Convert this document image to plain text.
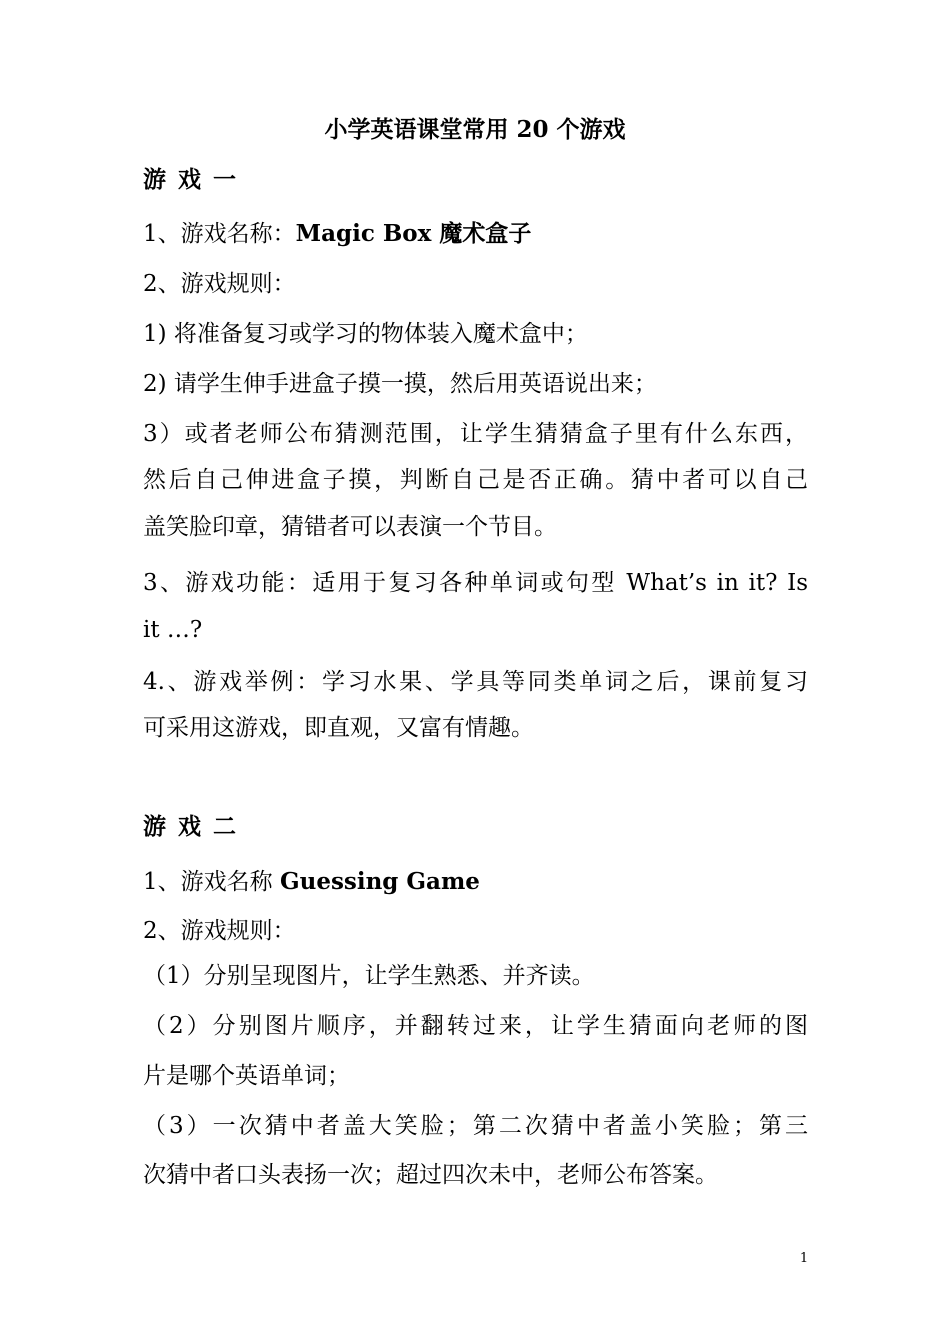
小学英语课堂常用 20 个游戏
游戏一
1、游戏名称：Magic Box 魔术盒子
2、游戏规则：
1) 将准备复习或学习的物体装入魔术盒中；
2) 请学生伸手进盒子摸一摸，然后用英语说出来；
3）或者老师公布猜测范围，让学生猜猜盒子里有什么东西，
然后自己伸进盒子摸，判断自己是否正确。猜中者可以自己
盖笑脸印章，猜错者可以表演一个节目。
3、游戏功能：适用于复习各种单词或句型 What’s in it? Is
it …?
4.、游戏举例：学习水果、学具等同类单词之后，课前复习
可采用这游戏，即直观，又富有情趣。
游戏二
1、游戏名称 Guessing Game
2、游戏规则：
（1）分别呈现图片，让学生熟悉、并齐读。
（2）分别图片顺序，并翻转过来，让学生猜面向老师的图
片是哪个英语单词；
（3）一次猜中者盖大笑脸；第二次猜中者盖小笑脸；第三
次猜中者口头表扬一次；超过四次未中，老师公布答案。
1
